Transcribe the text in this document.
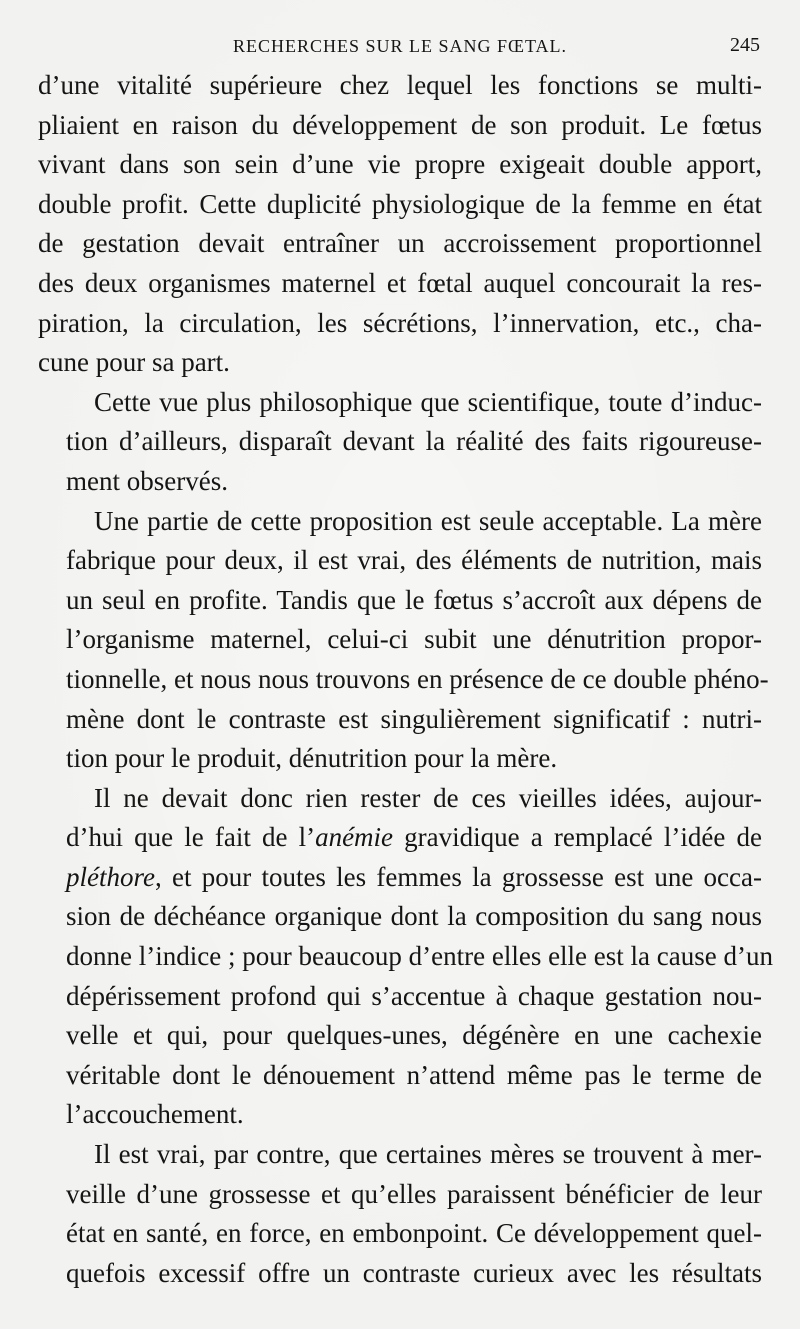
RECHERCHES SUR LE SANG FŒTAL.	245

d’une vitalité supérieure chez lequel les fonctions se multi-
pliaient en raison du développement de son produit. Le fœtus
vivant dans son sein d’une vie propre exigeait double apport,
double profit. Cette duplicité physiologique de la femme en état
de gestation devait entraîner un accroissement proportionnel
des deux organismes maternel et fœtal auquel concourait la res-
piration, la circulation, les sécrétions, l’innervation, etc., cha-
cune pour sa part.

Cette vue plus philosophique que scientifique, toute d’induc-
tion d’ailleurs, disparaît devant la réalité des faits rigoureuse-
ment observés.

Une partie de cette proposition est seule acceptable. La mère
fabrique pour deux, il est vrai, des éléments de nutrition, mais
un seul en profite. Tandis que le fœtus s’accroît aux dépens de
l’organisme maternel, celui-ci subit une dénutrition propor-
tionnelle, et nous nous trouvons en présence de ce double phéno-
mène dont le contraste est singulièrement significatif : nutri-
tion pour le produit, dénutrition pour la mère.

Il ne devait donc rien rester de ces vieilles idées, aujour-
d’hui que le fait de l’anémie gravidique a remplacé l’idée de
pléthore, et pour toutes les femmes la grossesse est une occa-
sion de déchéance organique dont la composition du sang nous
donne l’indice ; pour beaucoup d’entre elles elle est la cause d’un
dépérissement profond qui s’accentue à chaque gestation nou-
velle et qui, pour quelques-unes, dégénère en une cachexie
véritable dont le dénouement n’attend même pas le terme de
l’accouchement.

Il est vrai, par contre, que certaines mères se trouvent à mer-
veille d’une grossesse et qu’elles paraissent bénéficier de leur
état en santé, en force, en embonpoint. Ce développement quel-
quefois excessif offre un contraste curieux avec les résultats
